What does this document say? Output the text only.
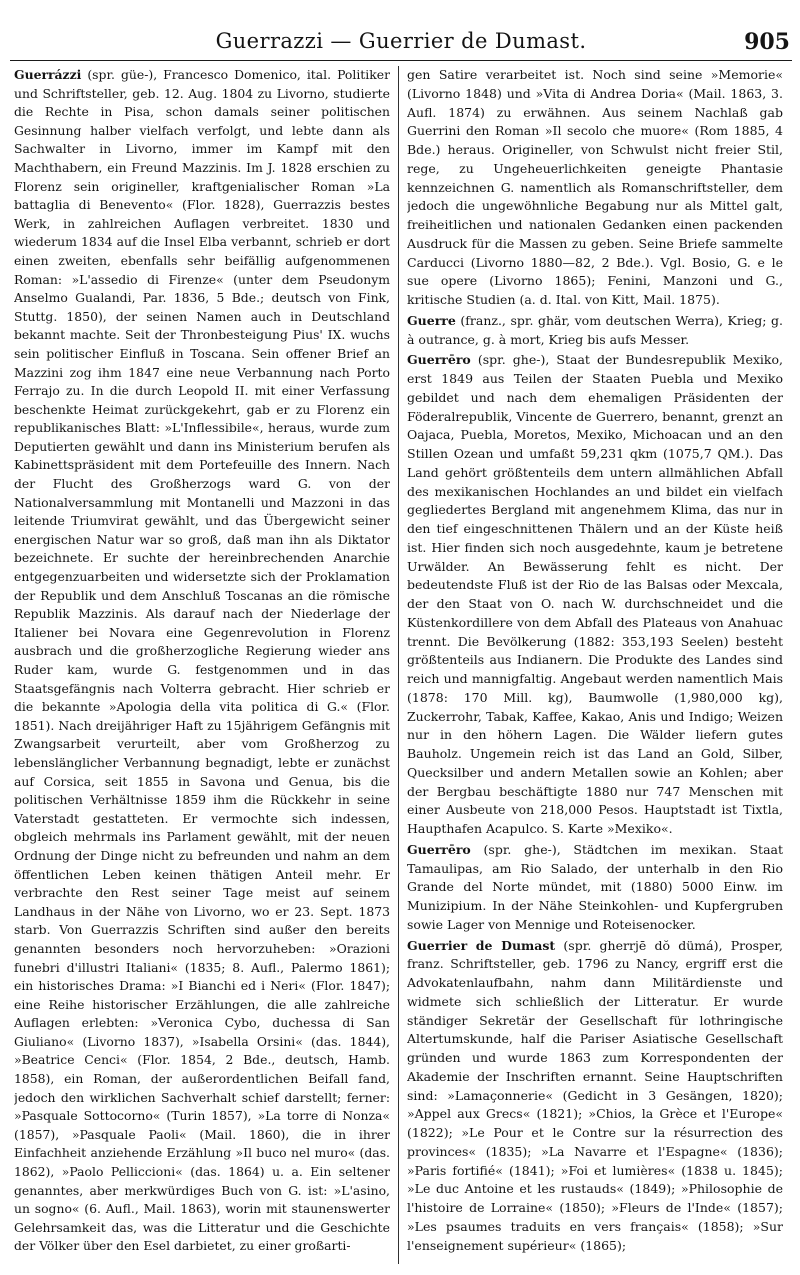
Guerrazzi — Guerrier de Dumast.	905

Guerrázzi (spr. güe-), Francesco Domenico, ital. Politiker und Schriftsteller, geb. 12. Aug. 1804 zu Livorno, studierte die Rechte in Pisa, schon damals seiner politischen Gesinnung halber vielfach verfolgt, und lebte dann als Sachwalter in Livorno, immer im Kampf mit den Machthabern, ein Freund Mazzinis. Im J. 1828 erschien zu Florenz sein origineller, kraftgenialischer Roman »La battaglia di Benevento« (Flor. 1828), Guerrazzis bestes Werk, in zahlreichen Auflagen verbreitet. 1830 und wiederum 1834 auf die Insel Elba verbannt, schrieb er dort einen zweiten, ebenfalls sehr beifällig aufgenommenen Roman: »L'assedio di Firenze« (unter dem Pseudonym Anselmo Gualandi, Par. 1836, 5 Bde.; deutsch von Fink, Stuttg. 1850), der seinen Namen auch in Deutschland bekannt machte. Seit der Thronbesteigung Pius' IX. wuchs sein politischer Einfluß in Toscana. Sein offener Brief an Mazzini zog ihm 1847 eine neue Verbannung nach Porto Ferrajo zu. In die durch Leopold II. mit einer Verfassung beschenkte Heimat zurückgekehrt, gab er zu Florenz ein republikanisches Blatt: »L'Inflessibile«, heraus, wurde zum Deputierten gewählt und dann ins Ministerium berufen als Kabinettspräsident mit dem Portefeuille des Innern. Nach der Flucht des Großherzogs ward G. von der Nationalversammlung mit Montanelli und Mazzoni in das leitende Triumvirat gewählt, und das Übergewicht seiner energischen Natur war so groß, daß man ihn als Diktator bezeichnete. Er suchte der hereinbrechenden Anarchie entgegenzuarbeiten und widersetzte sich der Proklamation der Republik und dem Anschluß Toscanas an die römische Republik Mazzinis. Als darauf nach der Niederlage der Italiener bei Novara eine Gegenrevolution in Florenz ausbrach und die großherzogliche Regierung wieder ans Ruder kam, wurde G. festgenommen und in das Staatsgefängnis nach Volterra gebracht. Hier schrieb er die bekannte »Apologia della vita politica di G.« (Flor. 1851). Nach dreijähriger Haft zu 15jährigem Gefängnis mit Zwangsarbeit verurteilt, aber vom Großherzog zu lebenslänglicher Verbannung begnadigt, lebte er zunächst auf Corsica, seit 1855 in Savona und Genua, bis die politischen Verhältnisse 1859 ihm die Rückkehr in seine Vaterstadt gestatteten. Er vermochte sich indessen, obgleich mehrmals ins Parlament gewählt, mit der neuen Ordnung der Dinge nicht zu befreunden und nahm an dem öffentlichen Leben keinen thätigen Anteil mehr. Er verbrachte den Rest seiner Tage meist auf seinem Landhaus in der Nähe von Livorno, wo er 23. Sept. 1873 starb. Von Guerrazzis Schriften sind außer den bereits genannten besonders noch hervorzuheben: »Orazioni funebri d'illustri Italiani« (1835; 8. Aufl., Palermo 1861); ein historisches Drama: »I Bianchi ed i Neri« (Flor. 1847); eine Reihe historischer Erzählungen, die alle zahlreiche Auflagen erlebten: »Veronica Cybo, duchessa di San Giuliano« (Livorno 1837), »Isabella Orsini« (das. 1844), »Beatrice Cenci« (Flor. 1854, 2 Bde., deutsch, Hamb. 1858), ein Roman, der außerordentlichen Beifall fand, jedoch den wirklichen Sachverhalt schief darstellt; ferner: »Pasquale Sottocorno« (Turin 1857), »La torre di Nonza« (1857), »Pasquale Paoli« (Mail. 1860), die in ihrer Einfachheit anziehende Erzählung »Il buco nel muro« (das. 1862), »Paolo Pelliccioni« (das. 1864) u. a. Ein seltener genanntes, aber merkwürdiges Buch von G. ist: »L'asino, un sogno« (6. Aufl., Mail. 1863), worin mit staunenswerter Gelehrsamkeit das, was die Litteratur und die Geschichte der Völker über den Esel darbietet, zu einer großarti-

gen Satire verarbeitet ist. Noch sind seine »Memorie« (Livorno 1848) und »Vita di Andrea Doria« (Mail. 1863, 3. Aufl. 1874) zu erwähnen. Aus seinem Nachlaß gab Guerrini den Roman »Il secolo che muore« (Rom 1885, 4 Bde.) heraus. Origineller, von Schwulst nicht freier Stil, rege, zu Ungeheuerlichkeiten geneigte Phantasie kennzeichnen G. namentlich als Romanschriftsteller, dem jedoch die ungewöhnliche Begabung nur als Mittel galt, freiheitlichen und nationalen Gedanken einen packenden Ausdruck für die Massen zu geben. Seine Briefe sammelte Carducci (Livorno 1880—82, 2 Bde.). Vgl. Bosio, G. e le sue opere (Livorno 1865); Fenini, Manzoni und G., kritische Studien (a. d. Ital. von Kitt, Mail. 1875).

Guerre (franz., spr. ghär, vom deutschen Werra), Krieg; g. à outrance, g. à mort, Krieg bis aufs Messer.

Guerrēro (spr. ghe-), Staat der Bundesrepublik Mexiko, erst 1849 aus Teilen der Staaten Puebla und Mexiko gebildet und nach dem ehemaligen Präsidenten der Föderalrepublik, Vincente de Guerrero, benannt, grenzt an Oajaca, Puebla, Moretos, Mexiko, Michoacan und an den Stillen Ozean und umfaßt 59,231 qkm (1075,7 QM.). Das Land gehört größtenteils dem untern allmählichen Abfall des mexikanischen Hochlandes an und bildet ein vielfach gegliedertes Bergland mit angenehmem Klima, das nur in den tief eingeschnittenen Thälern und an der Küste heiß ist. Hier finden sich noch ausgedehnte, kaum je betretene Urwälder. An Bewässerung fehlt es nicht. Der bedeutendste Fluß ist der Rio de las Balsas oder Mexcala, der den Staat von O. nach W. durchschneidet und die Küstenkordillere von dem Abfall des Plateaus von Anahuac trennt. Die Bevölkerung (1882: 353,193 Seelen) besteht größtenteils aus Indianern. Die Produkte des Landes sind reich und mannigfaltig. Angebaut werden namentlich Mais (1878: 170 Mill. kg), Baumwolle (1,980,000 kg), Zuckerrohr, Tabak, Kaffee, Kakao, Anis und Indigo; Weizen nur in den höhern Lagen. Die Wälder liefern gutes Bauholz. Ungemein reich ist das Land an Gold, Silber, Quecksilber und andern Metallen sowie an Kohlen; aber der Bergbau beschäftigte 1880 nur 747 Menschen mit einer Ausbeute von 218,000 Pesos. Hauptstadt ist Tixtla, Haupthafen Acapulco. S. Karte »Mexiko«.

Guerrēro (spr. ghe-), Städtchen im mexikan. Staat Tamaulipas, am Rio Salado, der unterhalb in den Rio Grande del Norte mündet, mit (1880) 5000 Einw. im Munizipium. In der Nähe Steinkohlen- und Kupfergruben sowie Lager von Mennige und Roteisenocker.

Guerrier de Dumast (spr. gherrjē dŏ dümá), Prosper, franz. Schriftsteller, geb. 1796 zu Nancy, ergriff erst die Advokatenlaufbahn, nahm dann Militärdienste und widmete sich schließlich der Litteratur. Er wurde ständiger Sekretär der Gesellschaft für lothringische Altertumskunde, half die Pariser Asiatische Gesellschaft gründen und wurde 1863 zum Korrespondenten der Akademie der Inschriften ernannt. Seine Hauptschriften sind: »Lamaçonnerie« (Gedicht in 3 Gesängen, 1820); »Appel aux Grecs« (1821); »Chios, la Grèce et l'Europe« (1822); »Le Pour et le Contre sur la résurrection des provinces« (1835); »La Navarre et l'Espagne« (1836); »Paris fortifié« (1841); »Foi et lumières« (1838 u. 1845); »Le duc Antoine et les rustauds« (1849); »Philosophie de l'histoire de Lorraine« (1850); »Fleurs de l'Inde« (1857); »Les psaumes traduits en vers français« (1858); »Sur l'enseignement supérieur« (1865);
